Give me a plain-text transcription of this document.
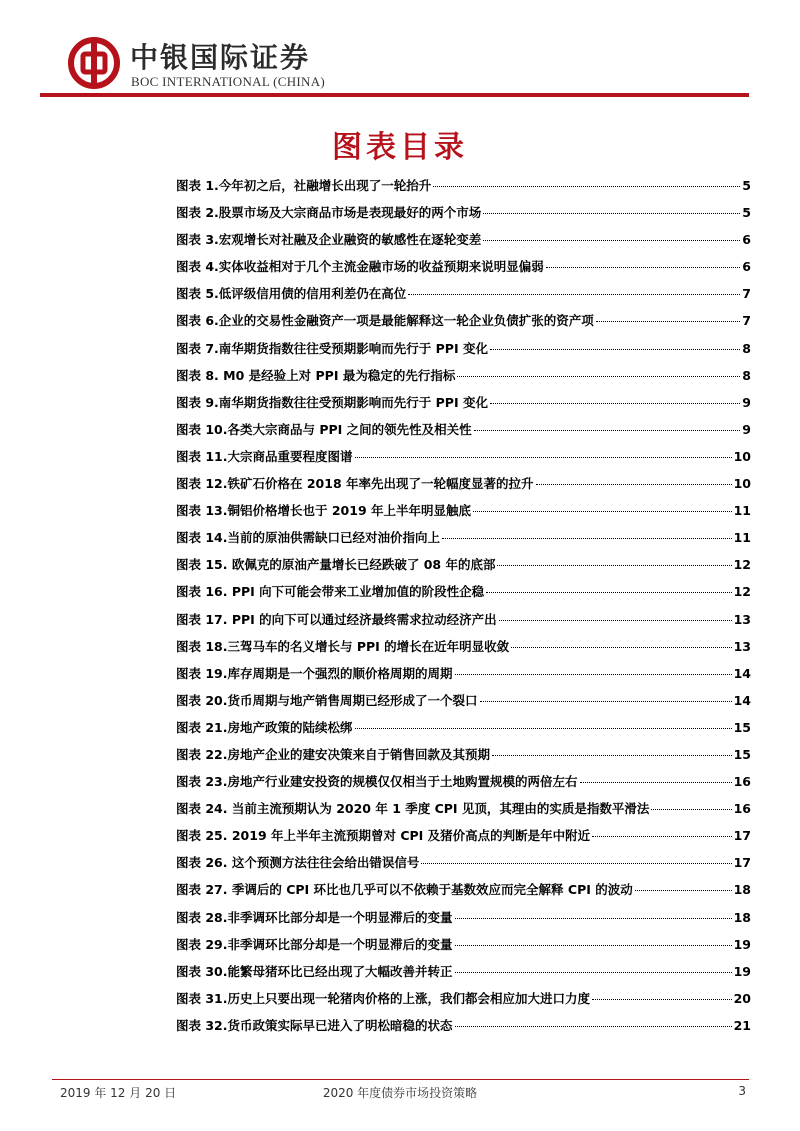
中银国际证券
BOC INTERNATIONAL (CHINA)
图表目录
图表 1.今年初之后，社融增长出现了一轮抬升	5
图表 2.股票市场及大宗商品市场是表现最好的两个市场	5
图表 3.宏观增长对社融及企业融资的敏感性在逐轮变差	6
图表 4.实体收益相对于几个主流金融市场的收益预期来说明显偏弱	6
图表 5.低评级信用债的信用利差仍在高位	7
图表 6.企业的交易性金融资产一项是最能解释这一轮企业负债扩张的资产项	7
图表 7.南华期货指数往往受预期影响而先行于 PPI 变化	8
图表 8. M0 是经验上对 PPI 最为稳定的先行指标	8
图表 9.南华期货指数往往受预期影响而先行于 PPI 变化	9
图表 10.各类大宗商品与 PPI 之间的领先性及相关性	9
图表 11.大宗商品重要程度图谱	10
图表 12.铁矿石价格在 2018 年率先出现了一轮幅度显著的拉升	10
图表 13.铜铝价格增长也于 2019 年上半年明显触底	11
图表 14.当前的原油供需缺口已经对油价指向上	11
图表 15. 欧佩克的原油产量增长已经跌破了 08 年的底部	12
图表 16. PPI 向下可能会带来工业增加值的阶段性企稳	12
图表 17. PPI 的向下可以通过经济最终需求拉动经济产出	13
图表 18.三驾马车的名义增长与 PPI 的增长在近年明显收敛	13
图表 19.库存周期是一个强烈的顺价格周期的周期	14
图表 20.货币周期与地产销售周期已经形成了一个裂口	14
图表 21.房地产政策的陆续松绑	15
图表 22.房地产企业的建安决策来自于销售回款及其预期	15
图表 23.房地产行业建安投资的规模仅仅相当于土地购置规模的两倍左右	16
图表 24. 当前主流预期认为 2020 年 1 季度 CPI 见顶，其理由的实质是指数平滑法	16
图表 25. 2019 年上半年主流预期曾对 CPI 及猪价高点的判断是年中附近	17
图表 26. 这个预测方法往往会给出错误信号	17
图表 27. 季调后的 CPI 环比也几乎可以不依赖于基数效应而完全解释 CPI 的波动	18
图表 28.非季调环比部分却是一个明显滞后的变量	18
图表 29.非季调环比部分却是一个明显滞后的变量	19
图表 30.能繁母猪环比已经出现了大幅改善并转正	19
图表 31.历史上只要出现一轮猪肉价格的上涨，我们都会相应加大进口力度	20
图表 32.货币政策实际早已进入了明松暗稳的状态	21
2019 年 12 月 20 日	2020 年度债券市场投资策略	3
